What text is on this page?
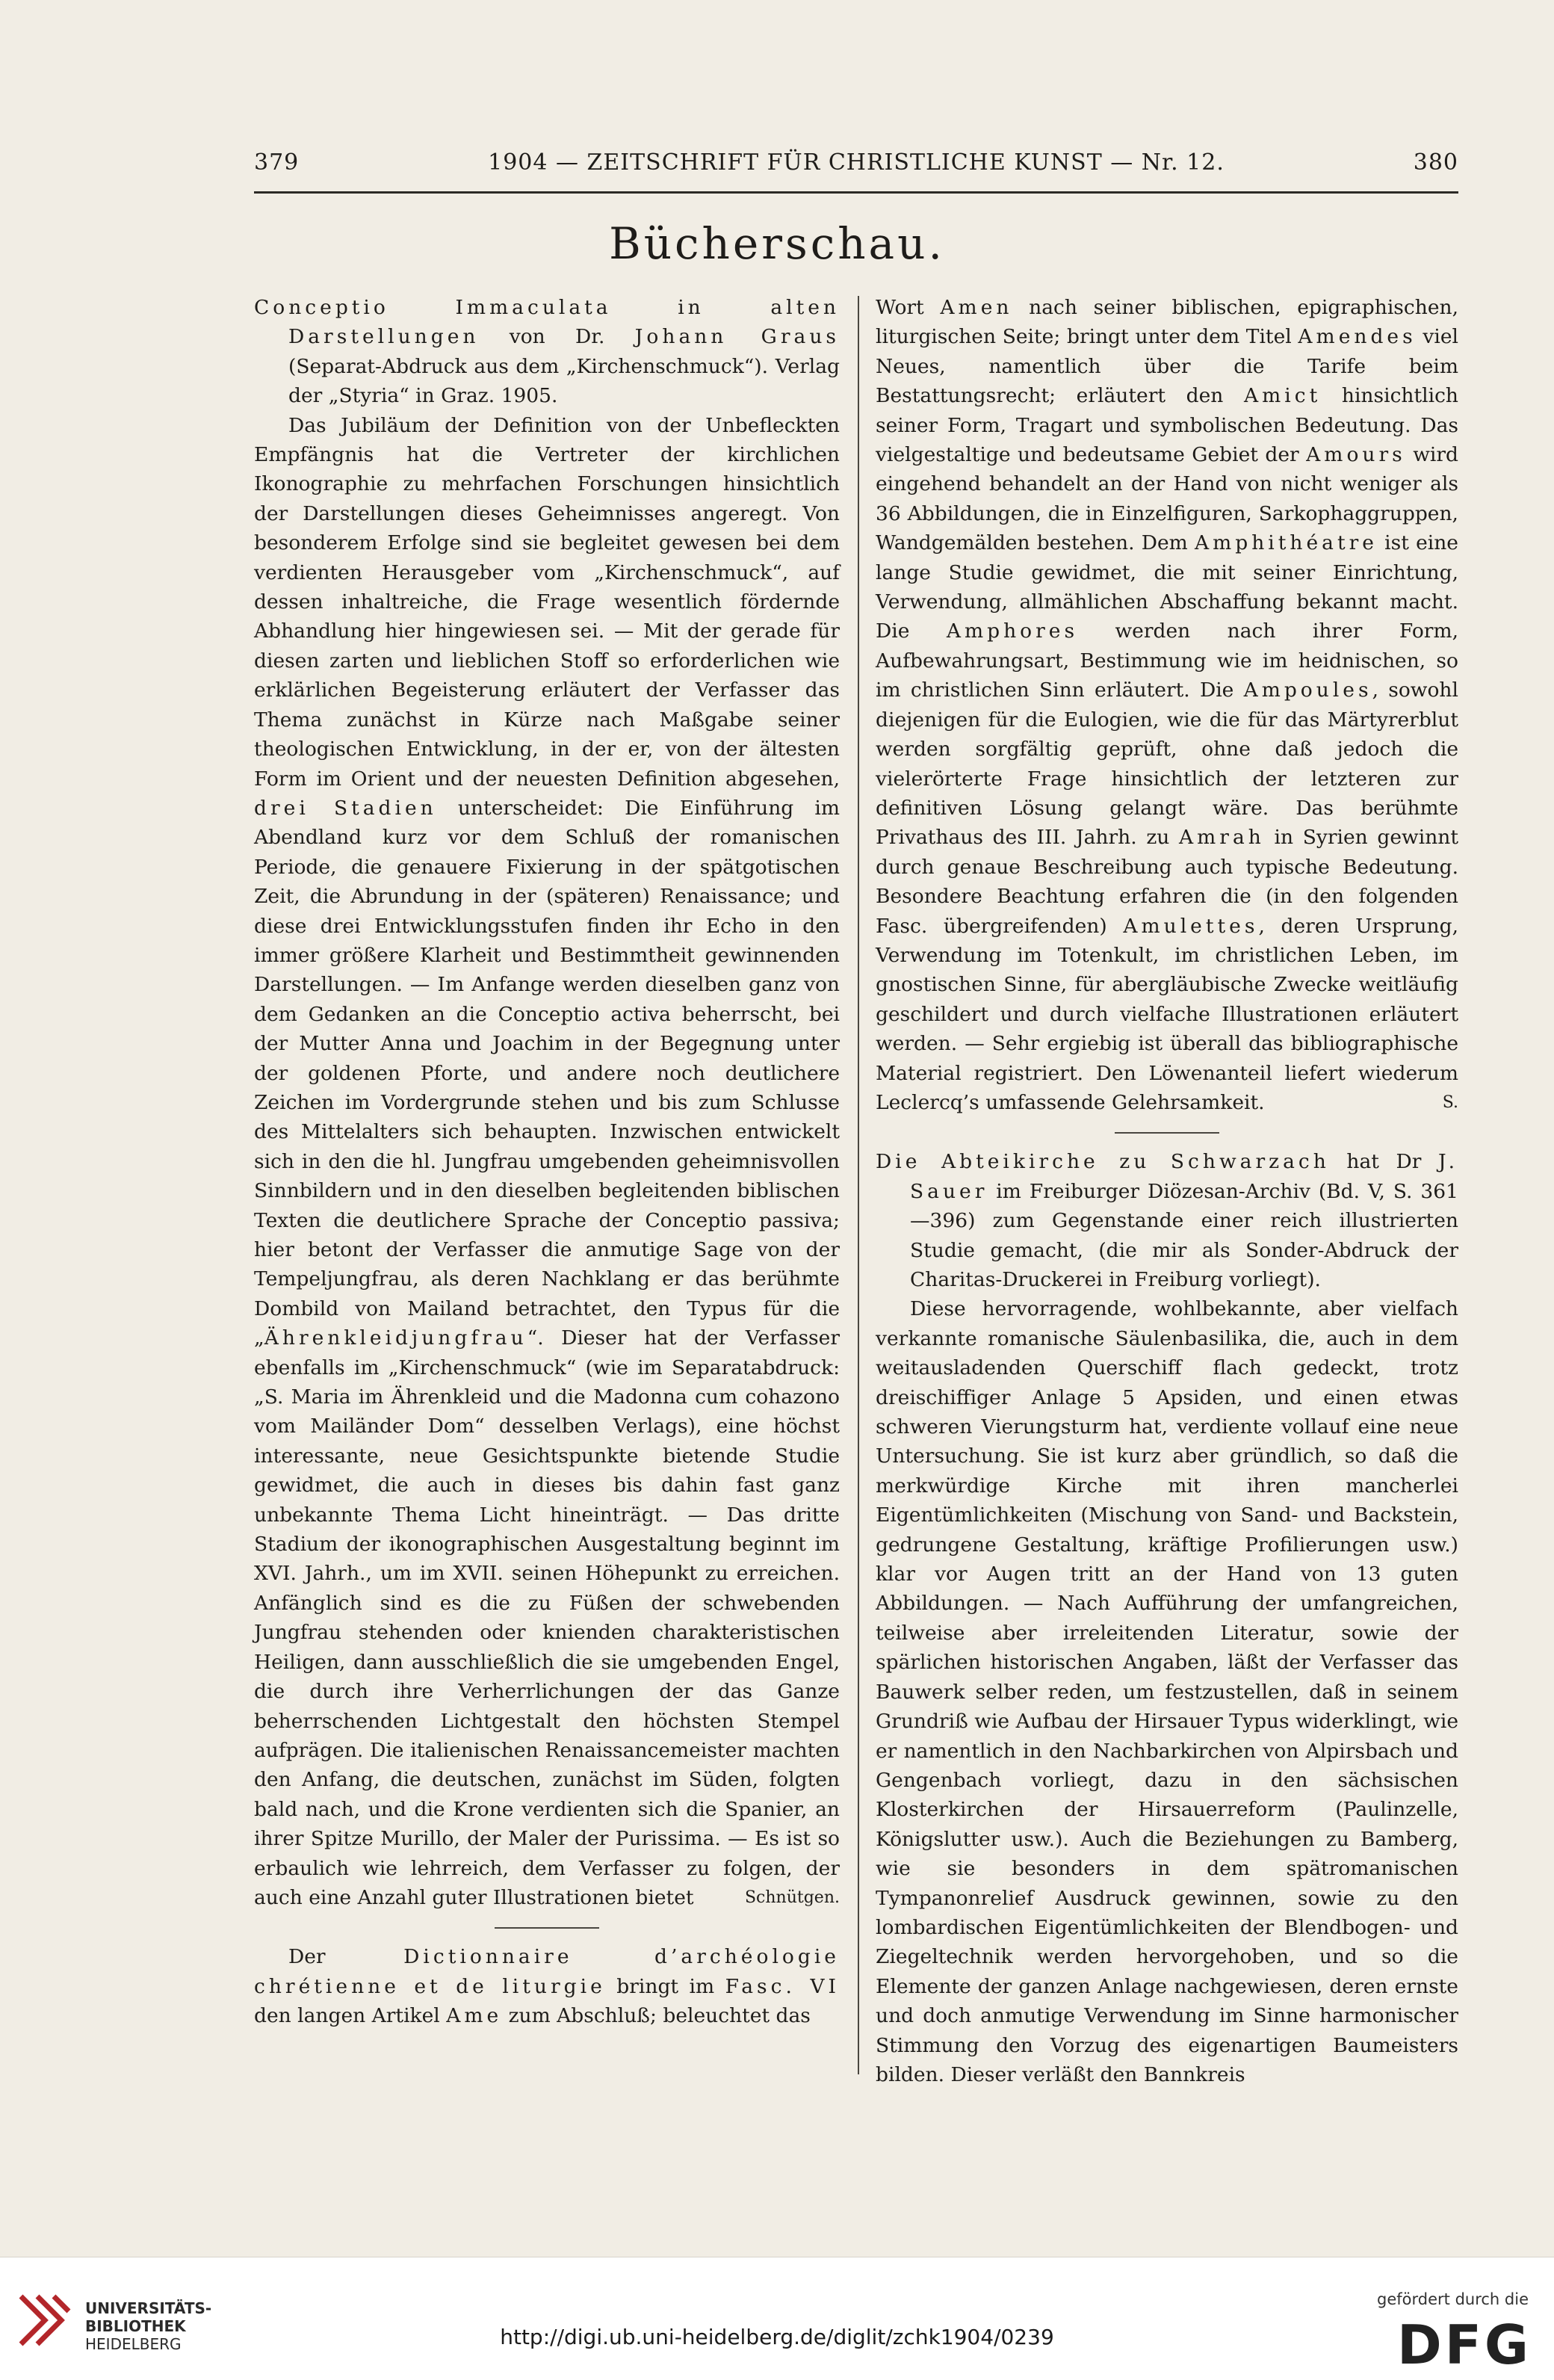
379	1904 — ZEITSCHRIFT FÜR CHRISTLICHE KUNST — Nr. 12.	380
Bücherschau.

Conceptio Immaculata in alten Darstellungen von Dr. Johann Graus (Separat-Abdruck aus dem „Kirchenschmuck“). Verlag der „Styria“ in Graz. 1905.

Das Jubiläum der Definition von der Unbefleckten Empfängnis hat die Vertreter der kirchlichen Ikonographie zu mehrfachen Forschungen hinsichtlich der Darstellungen dieses Geheimnisses angeregt. Von besonderem Erfolge sind sie begleitet gewesen bei dem verdienten Herausgeber vom „Kirchenschmuck“, auf dessen inhaltreiche, die Frage wesentlich fördernde Abhandlung hier hingewiesen sei. — Mit der gerade für diesen zarten und lieblichen Stoff so erforderlichen wie erklärlichen Begeisterung erläutert der Verfasser das Thema zunächst in Kürze nach Maßgabe seiner theologischen Entwicklung, in der er, von der ältesten Form im Orient und der neuesten Definition abgesehen, drei Stadien unterscheidet: Die Einführung im Abendland kurz vor dem Schluß der romanischen Periode, die genauere Fixierung in der spätgotischen Zeit, die Abrundung in der (späteren) Renaissance; und diese drei Entwicklungsstufen finden ihr Echo in den immer größere Klarheit und Bestimmtheit gewinnenden Darstellungen. — Im Anfange werden dieselben ganz von dem Gedanken an die Conceptio activa beherrscht, bei der Mutter Anna und Joachim in der Begegnung unter der goldenen Pforte, und andere noch deutlichere Zeichen im Vordergrunde stehen und bis zum Schlusse des Mittelalters sich behaupten. Inzwischen entwickelt sich in den die hl. Jungfrau umgebenden geheimnisvollen Sinnbildern und in den dieselben begleitenden biblischen Texten die deutlichere Sprache der Conceptio passiva; hier betont der Verfasser die anmutige Sage von der Tempeljungfrau, als deren Nachklang er das berühmte Dombild von Mailand betrachtet, den Typus für die „Ährenkleidjungfrau“. Dieser hat der Verfasser ebenfalls im „Kirchenschmuck“ (wie im Separatabdruck: „S. Maria im Ährenkleid und die Madonna cum cohazono vom Mailänder Dom“ desselben Verlags), eine höchst interessante, neue Gesichtspunkte bietende Studie gewidmet, die auch in dieses bis dahin fast ganz unbekannte Thema Licht hineinträgt. — Das dritte Stadium der ikonographischen Ausgestaltung beginnt im XVI. Jahrh., um im XVII. seinen Höhepunkt zu erreichen. Anfänglich sind es die zu Füßen der schwebenden Jungfrau stehenden oder knienden charakteristischen Heiligen, dann ausschließlich die sie umgebenden Engel, die durch ihre Verherrlichungen der das Ganze beherrschenden Lichtgestalt den höchsten Stempel aufprägen. Die italienischen Renaissancemeister machten den Anfang, die deutschen, zunächst im Süden, folgten bald nach, und die Krone verdienten sich die Spanier, an ihrer Spitze Murillo, der Maler der Purissima. — Es ist so erbaulich wie lehrreich, dem Verfasser zu folgen, der auch eine Anzahl guter Illustrationen bietet	Schnütgen.

Der Dictionnaire d’archéologie chrétienne et de liturgie bringt im Fasc. VI den langen Artikel Ame zum Abschluß; beleuchtet das

Wort Amen nach seiner biblischen, epigraphischen, liturgischen Seite; bringt unter dem Titel Amendes viel Neues, namentlich über die Tarife beim Bestattungsrecht; erläutert den Amict hinsichtlich seiner Form, Tragart und symbolischen Bedeutung. Das vielgestaltige und bedeutsame Gebiet der Amours wird eingehend behandelt an der Hand von nicht weniger als 36 Abbildungen, die in Einzelfiguren, Sarkophaggruppen, Wandgemälden bestehen. Dem Amphithéatre ist eine lange Studie gewidmet, die mit seiner Einrichtung, Verwendung, allmählichen Abschaffung bekannt macht. Die Amphores werden nach ihrer Form, Aufbewahrungsart, Bestimmung wie im heidnischen, so im christlichen Sinn erläutert. Die Ampoules, sowohl diejenigen für die Eulogien, wie die für das Märtyrerblut werden sorgfältig geprüft, ohne daß jedoch die vielerörterte Frage hinsichtlich der letzteren zur definitiven Lösung gelangt wäre. Das berühmte Privathaus des III. Jahrh. zu Amrah in Syrien gewinnt durch genaue Beschreibung auch typische Bedeutung. Besondere Beachtung erfahren die (in den folgenden Fasc. übergreifenden) Amulettes, deren Ursprung, Verwendung im Totenkult, im christlichen Leben, im gnostischen Sinne, für abergläubische Zwecke weitläufig geschildert und durch vielfache Illustrationen erläutert werden. — Sehr ergiebig ist überall das bibliographische Material registriert. Den Löwenanteil liefert wiederum Leclercq’s umfassende Gelehrsamkeit.	S.

Die Abteikirche zu Schwarzach hat Dr J. Sauer im Freiburger Diözesan-Archiv (Bd. V, S. 361—396) zum Gegenstande einer reich illustrierten Studie gemacht, (die mir als Sonder-Abdruck der Charitas-Druckerei in Freiburg vorliegt).

Diese hervorragende, wohlbekannte, aber vielfach verkannte romanische Säulenbasilika, die, auch in dem weitausladenden Querschiff flach gedeckt, trotz dreischiffiger Anlage 5 Apsiden, und einen etwas schweren Vierungsturm hat, verdiente vollauf eine neue Untersuchung. Sie ist kurz aber gründlich, so daß die merkwürdige Kirche mit ihren mancherlei Eigentümlichkeiten (Mischung von Sand- und Backstein, gedrungene Gestaltung, kräftige Profilierungen usw.) klar vor Augen tritt an der Hand von 13 guten Abbildungen. — Nach Aufführung der umfangreichen, teilweise aber irreleitenden Literatur, sowie der spärlichen historischen Angaben, läßt der Verfasser das Bauwerk selber reden, um festzustellen, daß in seinem Grundriß wie Aufbau der Hirsauer Typus widerklingt, wie er namentlich in den Nachbarkirchen von Alpirsbach und Gengenbach vorliegt, dazu in den sächsischen Klosterkirchen der Hirsauerreform (Paulinzelle, Königslutter usw.). Auch die Beziehungen zu Bamberg, wie sie besonders in dem spätromanischen Tympanonrelief Ausdruck gewinnen, sowie zu den lombardischen Eigentümlichkeiten der Blendbogen- und Ziegeltechnik werden hervorgehoben, und so die Elemente der ganzen Anlage nachgewiesen, deren ernste und doch anmutige Verwendung im Sinne harmonischer Stimmung den Vorzug des eigenartigen Baumeisters bilden. Dieser verläßt den Bannkreis

UNIVERSITÄTS-
BIBLIOTHEK
HEIDELBERG	http://digi.ub.uni-heidelberg.de/diglit/zchk1904/0239
gefördert durch die
DFG
